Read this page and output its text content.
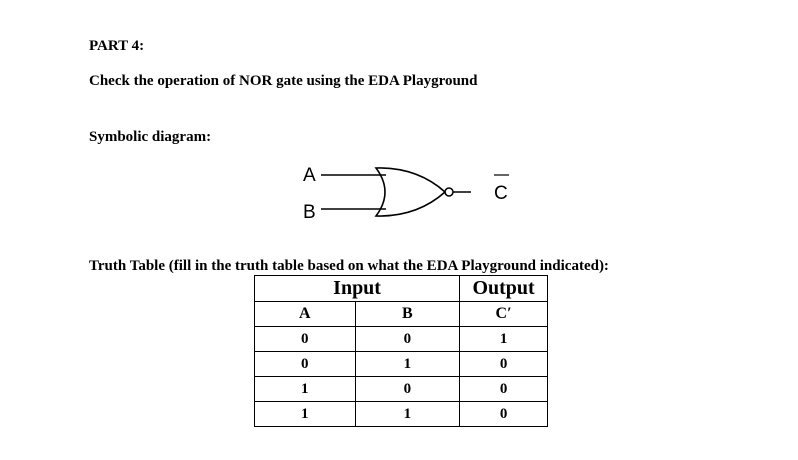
PART 4:
Check the operation of NOR gate using the EDA Playground
Symbolic diagram:
A
B
C
Truth Table (fill in the truth table based on what the EDA Playground indicated):
Input		Output
A	B	C′
0	0	1
0	1	0
1	0	0
1	1	0
